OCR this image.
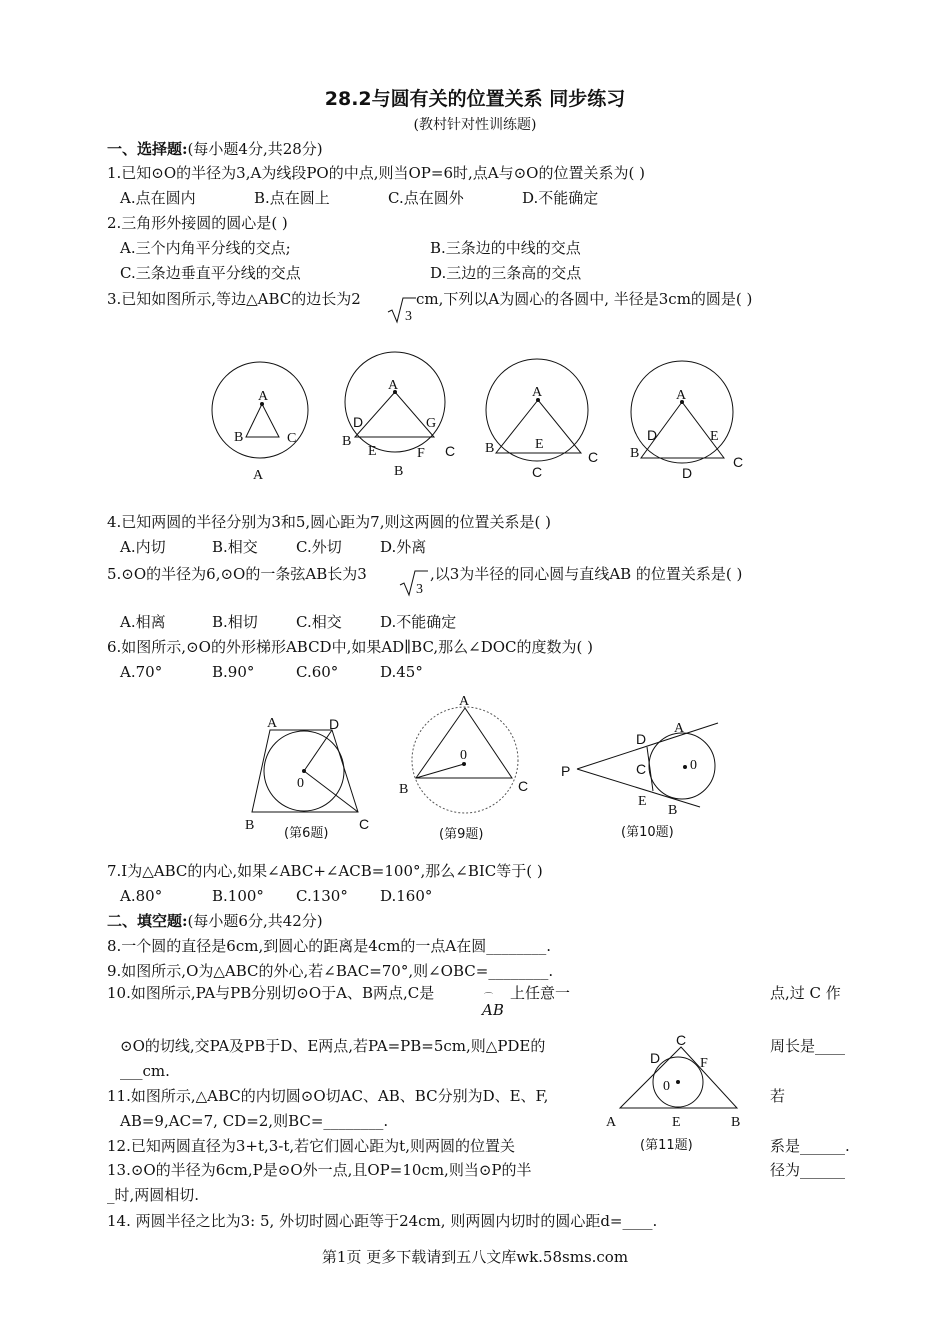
28.2与圆有关的位置关系 同步练习
(教村针对性训练题)
一、选择题:(每小题4分,共28分)
1.已知⊙O的半径为3,A为线段PO的中点,则当OP=6时,点A与⊙O的位置关系为( )
A.点在圆内	B.点在圆上	C.点在圆外	D.不能确定
2.三角形外接圆的圆心是( )
A.三个内角平分线的交点;	B.三条边的中线的交点
C.三条边垂直平分线的交点	D.三边的三条高的交点
3.已知如图所示,等边△ABC的边长为2
3
cm,下列以A为圆心的各圆中, 半径是3cm的圆是( )
A
B	C
A
A
D	G
B
E	F C
B
A
B	E
C
C
A
D	E
B
C
D
4.已知两圆的半径分别为3和5,圆心距为7,则这两圆的位置关系是( )
A.内切	B.相交	C.外切	D.外离
5.⊙O的半径为6,⊙O的一条弦AB长为3
3
,以3为半径的同心圆与直线AB 的位置关系是( )
A.相离	B.相切	C.相交	D.不能确定
6.如图所示,⊙O的外形梯形ABCD中,如果AD∥BC,那么∠DOC的度数为( )
A.70°	B.90°	C.60°	D.45°
A	D
0
B	C
(第6题)
A
0
B	C
(第9题)
A
D
P	C	0
E
B
(第10题)
7.I为△ABC的内心,如果∠ABC+∠ACB=100°,那么∠BIC等于( )
A.80°	B.100° C.130° D.160°
二、填空题:(每小题6分,共42分)
8.一个圆的直径是6cm,到圆心的距离是4cm的一点A在圆________.
9.如图所示,O为△ABC的外心,若∠BAC=70°,则∠OBC=________.
10.如图所示,PA与PB分别切⊙O于A、B两点,C是
AB
⌒ 上任意一	点,过 C 作
⊙O的切线,交PA及PB于D、E两点,若PA=PB=5cm,则△PDE的	周长是____
___cm.
11.如图所示,△ABC的内切圆⊙O切AC、AB、BC分别为D、E、F,	若
AB=9,AC=7, CD=2,则BC=________.
C
D	F
0
A	E	B
(第11题)
12.已知两圆直径为3+t,3-t,若它们圆心距为t,则两圆的位置关	系是______.
13.⊙O的半径为6cm,P是⊙O外一点,且OP=10cm,则当⊙P的半	径为______
_时,两圆相切.
14. 两圆半径之比为3: 5, 外切时圆心距等于24cm, 则两圆内切时的圆心距d=____.
第1页 更多下载请到五八文库wk.58sms.com
